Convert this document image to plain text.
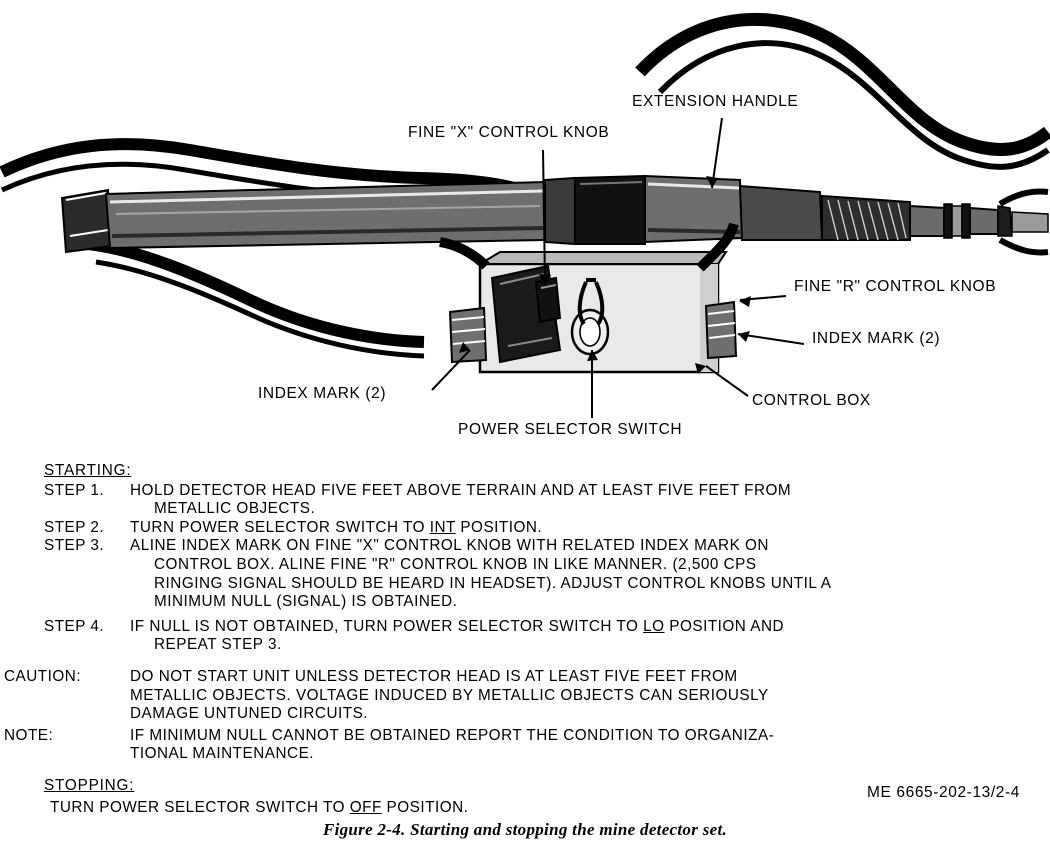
EXTENSION HANDLE
FINE "X" CONTROL KNOB
FINE "R" CONTROL KNOB
INDEX MARK (2)
INDEX MARK (2)	CONTROL BOX
POWER SELECTOR SWITCH
STARTING:
STEP 1.	HOLD DETECTOR HEAD FIVE FEET ABOVE TERRAIN AND AT LEAST FIVE FEET FROM
METALLIC OBJECTS.
STEP 2.	TURN POWER SELECTOR SWITCH TO INT POSITION.
STEP 3.	ALINE INDEX MARK ON FINE "X" CONTROL KNOB WITH RELATED INDEX MARK ON
CONTROL BOX. ALINE FINE "R" CONTROL KNOB IN LIKE MANNER. (2,500 CPS
RINGING SIGNAL SHOULD BE HEARD IN HEADSET). ADJUST CONTROL KNOBS UNTIL A
MINIMUM NULL (SIGNAL) IS OBTAINED.
STEP 4.	IF NULL IS NOT OBTAINED, TURN POWER SELECTOR SWITCH TO LO POSITION AND
REPEAT STEP 3.
CAUTION:	DO NOT START UNIT UNLESS DETECTOR HEAD IS AT LEAST FIVE FEET FROM
METALLIC OBJECTS. VOLTAGE INDUCED BY METALLIC OBJECTS CAN SERIOUSLY
DAMAGE UNTUNED CIRCUITS.
NOTE:	IF MINIMUM NULL CANNOT BE OBTAINED REPORT THE CONDITION TO ORGANIZA-
TIONAL MAINTENANCE.
STOPPING:
TURN POWER SELECTOR SWITCH TO OFF POSITION.
ME 6665-202-13/2-4
Figure 2-4. Starting and stopping the mine detector set.
